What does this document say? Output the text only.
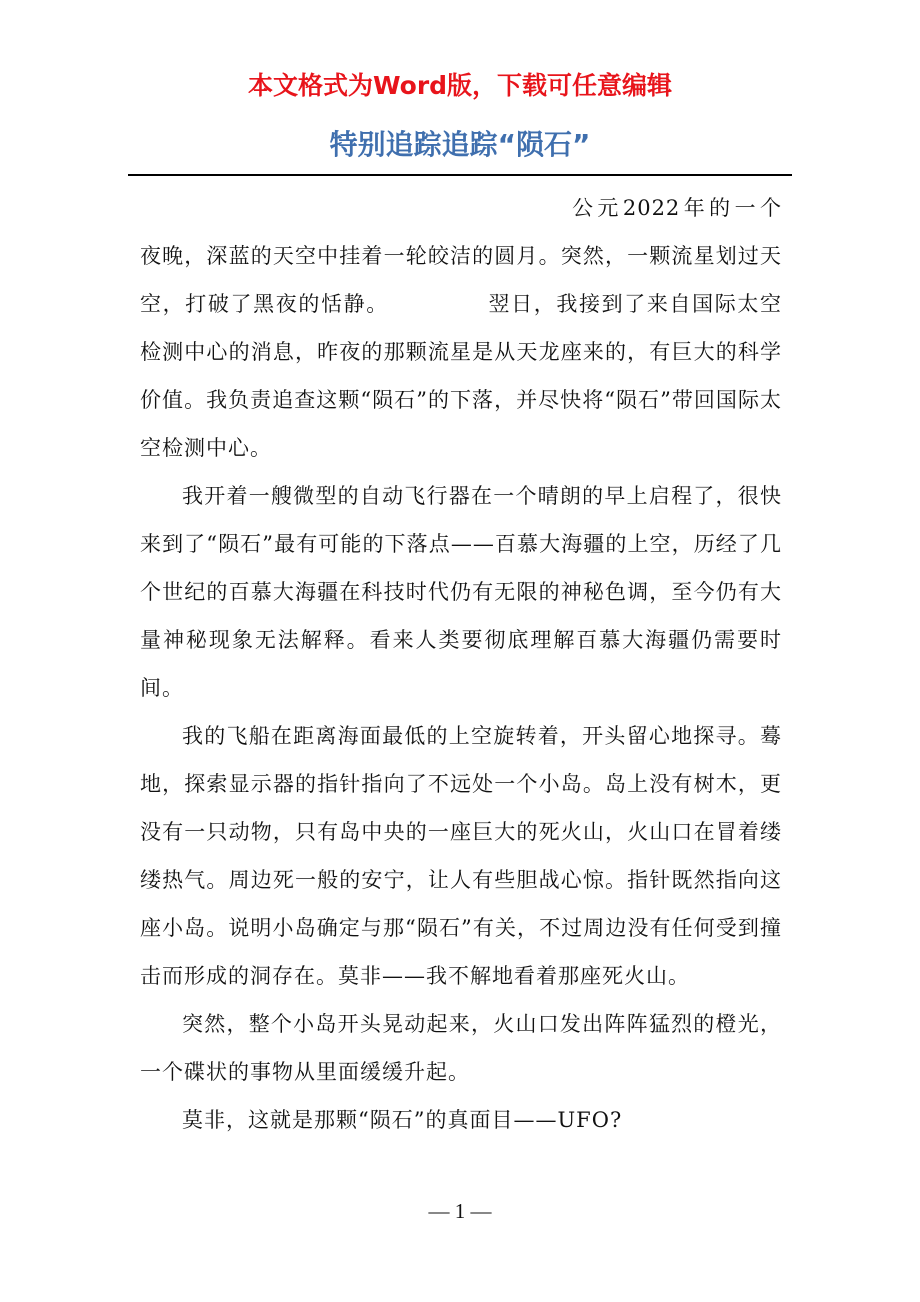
本文格式为Word版，下载可任意编辑
特别追踪追踪“陨石”

公元2022年的一个夜晚，深蓝的天空中挂着一轮皎洁的圆月。突然，一颗流星划过天空，打破了黑夜的恬静。            翌日，我接到了来自国际太空检测中心的消息，昨夜的那颗流星是从天龙座来的，有巨大的科学价值。我负责追查这颗“陨石”的下落，并尽快将“陨石”带回国际太空检测中心。

我开着一艘微型的自动飞行器在一个晴朗的早上启程了，很快来到了“陨石”最有可能的下落点——百慕大海疆的上空，历经了几个世纪的百慕大海疆在科技时代仍有无限的神秘色调，至今仍有大量神秘现象无法解释。看来人类要彻底理解百慕大海疆仍需要时间。

我的飞船在距离海面最低的上空旋转着，开头留心地探寻。蓦地，探索显示器的指针指向了不远处一个小岛。岛上没有树木，更没有一只动物，只有岛中央的一座巨大的死火山，火山口在冒着缕缕热气。周边死一般的安宁，让人有些胆战心惊。指针既然指向这座小岛。说明小岛确定与那“陨石”有关，不过周边没有任何受到撞击而形成的洞存在。莫非——我不解地看着那座死火山。

突然，整个小岛开头晃动起来，火山口发出阵阵猛烈的橙光，一个碟状的事物从里面缓缓升起。

莫非，这就是那颗“陨石”的真面目——UFO?

— 1 —
